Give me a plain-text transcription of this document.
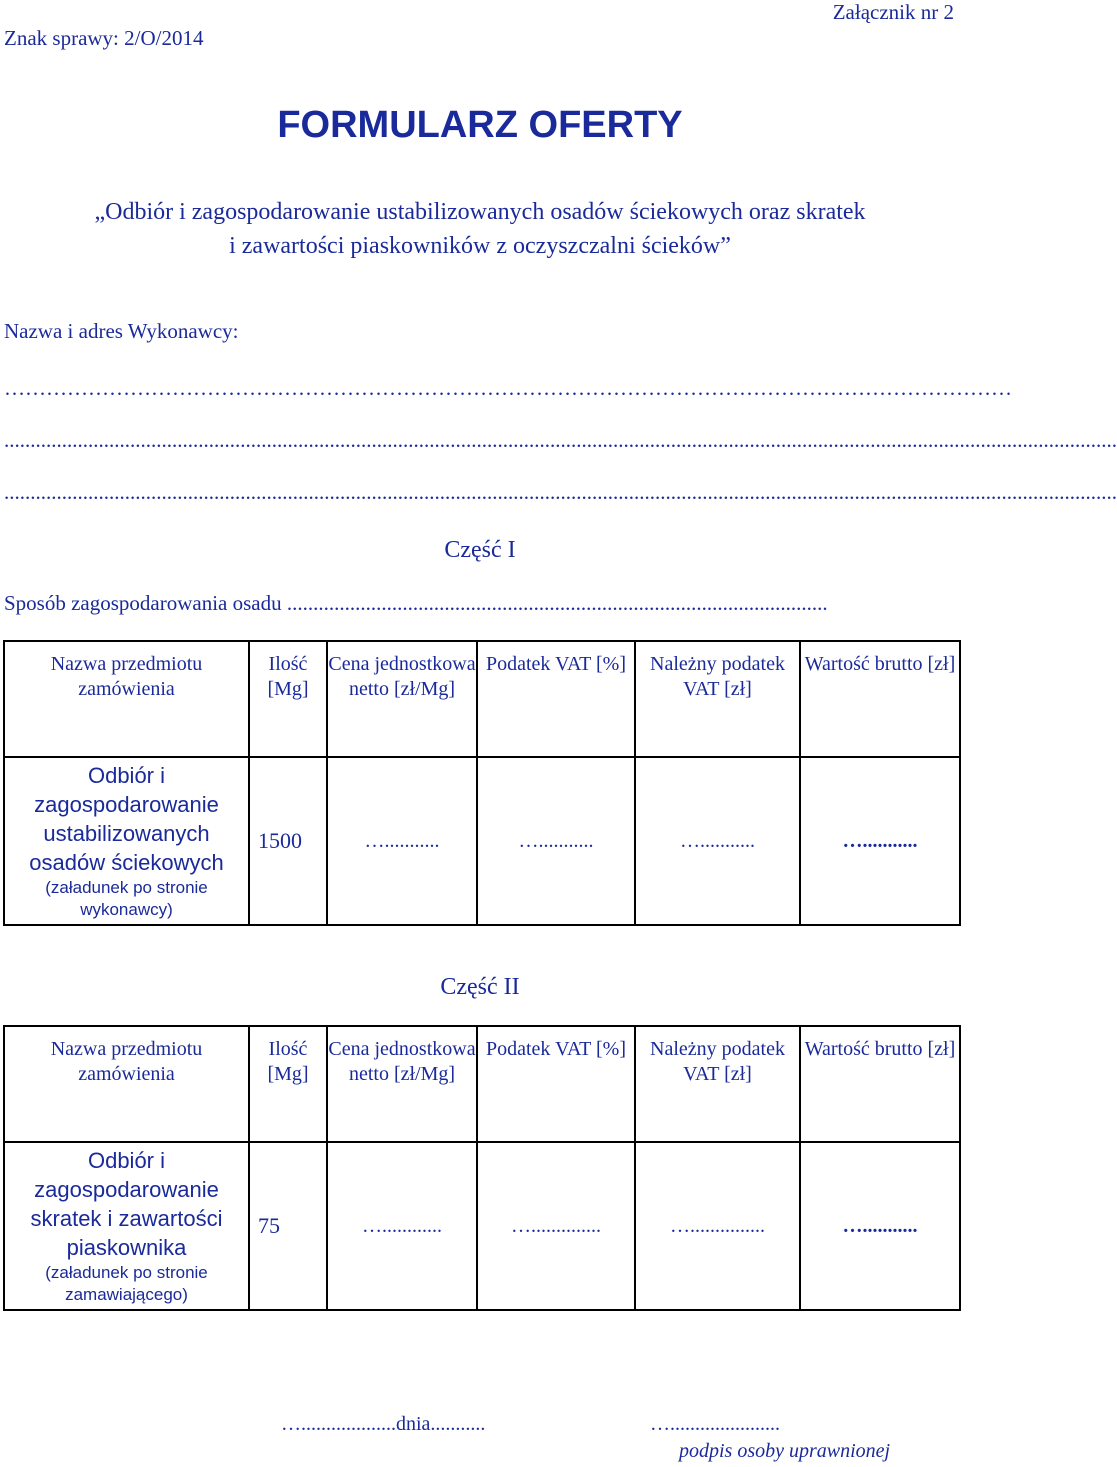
Znak sprawy: 2/O/2014
Załącznik nr 2
FORMULARZ OFERTY
„Odbiór i zagospodarowanie ustabilizowanych osadów ściekowych oraz skratek
i zawartości piaskowników z oczyszczalni ścieków”
Nazwa i adres Wykonawcy:
………………………………………………………………………………………………………………………………
....................................................................................................................................................................................................................
....................................................................................................................................................................................................................
Część I
Sposób zagospodarowania osadu .......................................................................................................
Nazwa przedmiotu zamówienia	Ilość [Mg]	Cena jednostkowa netto [zł/Mg]	Podatek VAT [%]	Należny podatek VAT [zł]	Wartość brutto [zł]

Odbiór i zagospodarowanie ustabilizowanych osadów ściekowych
(załadunek po stronie wykonawcy)	1500	…...........	…...........	…...........	…...........
Część II
Nazwa przedmiotu zamówienia	Ilość [Mg]	Cena jednostkowa netto [zł/Mg]	Podatek VAT [%]	Należny podatek VAT [zł]	Wartość brutto [zł]

Odbiór i zagospodarowanie skratek i zawartości piaskownika
(załadunek po stronie zamawiającego)	75	…............	…..............	…...............	…...........
…...................dnia...........	…......................
podpis osoby uprawnionej
